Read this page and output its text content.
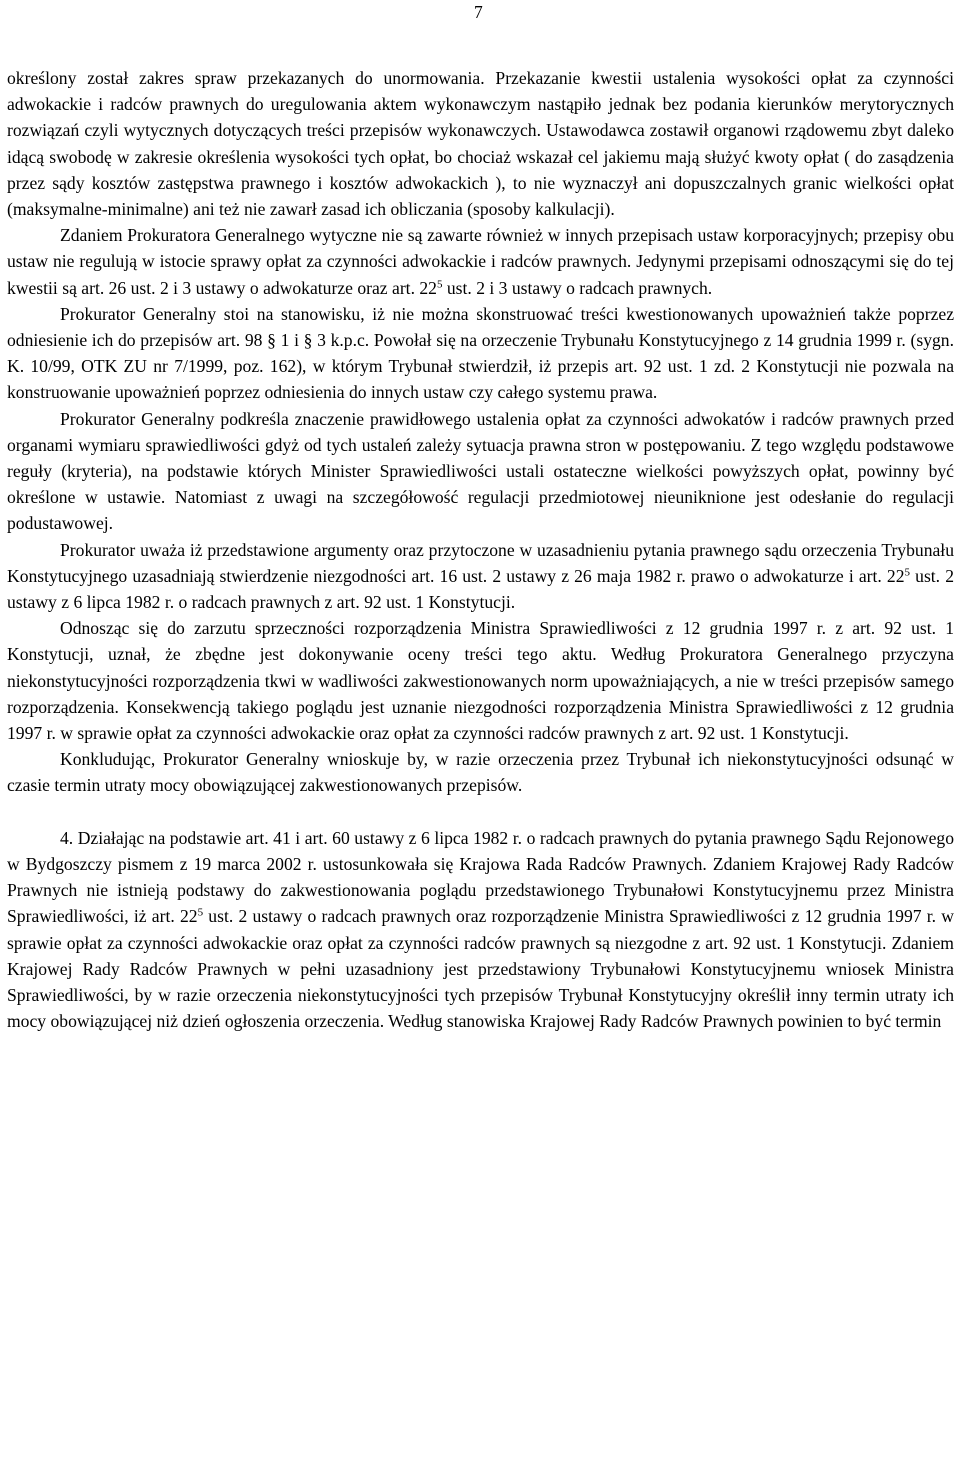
7

określony został zakres spraw przekazanych do unormowania. Przekazanie kwestii ustalenia wysokości opłat za czynności adwokackie i radców prawnych do uregulowania aktem wykonawczym nastąpiło jednak bez podania kierunków merytorycznych rozwiązań czyli wytycznych dotyczących treści przepisów wykonawczych. Ustawodawca zostawił organowi rządowemu zbyt daleko idącą swobodę w zakresie określenia wysokości tych opłat, bo chociaż wskazał cel jakiemu mają służyć kwoty opłat ( do zasądzenia przez sądy kosztów zastępstwa prawnego i kosztów adwokackich ), to nie wyznaczył ani dopuszczalnych granic wielkości opłat (maksymalne-minimalne) ani też nie zawarł zasad ich obliczania (sposoby kalkulacji).

Zdaniem Prokuratora Generalnego wytyczne nie są zawarte również w innych przepisach ustaw korporacyjnych; przepisy obu ustaw nie regulują w istocie sprawy opłat za czynności adwokackie i radców prawnych. Jedynymi przepisami odnoszącymi się do tej kwestii są art. 26 ust. 2 i 3 ustawy o adwokaturze oraz art. $22^5$ ust. 2 i 3 ustawy o radcach prawnych.

Prokurator Generalny stoi na stanowisku, iż nie można skonstruować treści kwestionowanych upoważnień także poprzez odniesienie ich do przepisów art. 98 § 1 i § 3 k.p.c. Powołał się na orzeczenie Trybunału Konstytucyjnego z 14 grudnia 1999 r. (sygn. K. 10/99, OTK ZU nr 7/1999, poz. 162), w którym Trybunał stwierdził, iż przepis art. 92 ust. 1 zd. 2 Konstytucji nie pozwala na konstruowanie upoważnień poprzez odniesienia do innych ustaw czy całego systemu prawa.

Prokurator Generalny podkreśla znaczenie prawidłowego ustalenia opłat za czynności adwokatów i radców prawnych przed organami wymiaru sprawiedliwości gdyż od tych ustaleń zależy sytuacja prawna stron w postępowaniu. Z tego względu podstawowe reguły (kryteria), na podstawie których Minister Sprawiedliwości ustali ostateczne wielkości powyższych opłat, powinny być określone w ustawie. Natomiast z uwagi na szczegółowość regulacji przedmiotowej nieuniknione jest odesłanie do regulacji podustawowej.

Prokurator uważa iż przedstawione argumenty oraz przytoczone w uzasadnieniu pytania prawnego sądu orzeczenia Trybunału Konstytucyjnego uzasadniają stwierdzenie niezgodności art. 16 ust. 2 ustawy z 26 maja 1982 r. prawo o adwokaturze i art. $22^5$ ust. 2 ustawy z 6 lipca 1982 r. o radcach prawnych z art. 92 ust. 1 Konstytucji.

Odnosząc się do zarzutu sprzeczności rozporządzenia Ministra Sprawiedliwości z 12 grudnia 1997 r. z art. 92 ust. 1 Konstytucji, uznał, że zbędne jest dokonywanie oceny treści tego aktu. Według Prokuratora Generalnego przyczyna niekonstytucyjności rozporządzenia tkwi w wadliwości zakwestionowanych norm upoważniających, a nie w treści przepisów samego rozporządzenia. Konsekwencją takiego poglądu jest uznanie niezgodności rozporządzenia Ministra Sprawiedliwości z 12 grudnia 1997 r. w sprawie opłat za czynności adwokackie oraz opłat za czynności radców prawnych z art. 92 ust. 1 Konstytucji.

Konkludując, Prokurator Generalny wnioskuje by, w razie orzeczenia przez Trybunał ich niekonstytucyjności odsunąć w czasie termin utraty mocy obowiązującej zakwestionowanych przepisów.

4. Działając na podstawie art. 41 i art. 60 ustawy z 6 lipca 1982 r. o radcach prawnych do pytania prawnego Sądu Rejonowego w Bydgoszczy pismem z 19 marca 2002 r. ustosunkowała się Krajowa Rada Radców Prawnych. Zdaniem Krajowej Rady Radców Prawnych nie istnieją podstawy do zakwestionowania poglądu przedstawionego Trybunałowi Konstytucyjnemu przez Ministra Sprawiedliwości, iż art. $22^5$ ust. 2 ustawy o radcach prawnych oraz rozporządzenie Ministra Sprawiedliwości z 12 grudnia 1997 r. w sprawie opłat za czynności adwokackie oraz opłat za czynności radców prawnych są niezgodne z art. 92 ust. 1 Konstytucji. Zdaniem Krajowej Rady Radców Prawnych w pełni uzasadniony jest przedstawiony Trybunałowi Konstytucyjnemu wniosek Ministra Sprawiedliwości, by w razie orzeczenia niekonstytucyjności tych przepisów Trybunał Konstytucyjny określił inny termin utraty ich mocy obowiązującej niż dzień ogłoszenia orzeczenia. Według stanowiska Krajowej Rady Radców Prawnych powinien to być termin
